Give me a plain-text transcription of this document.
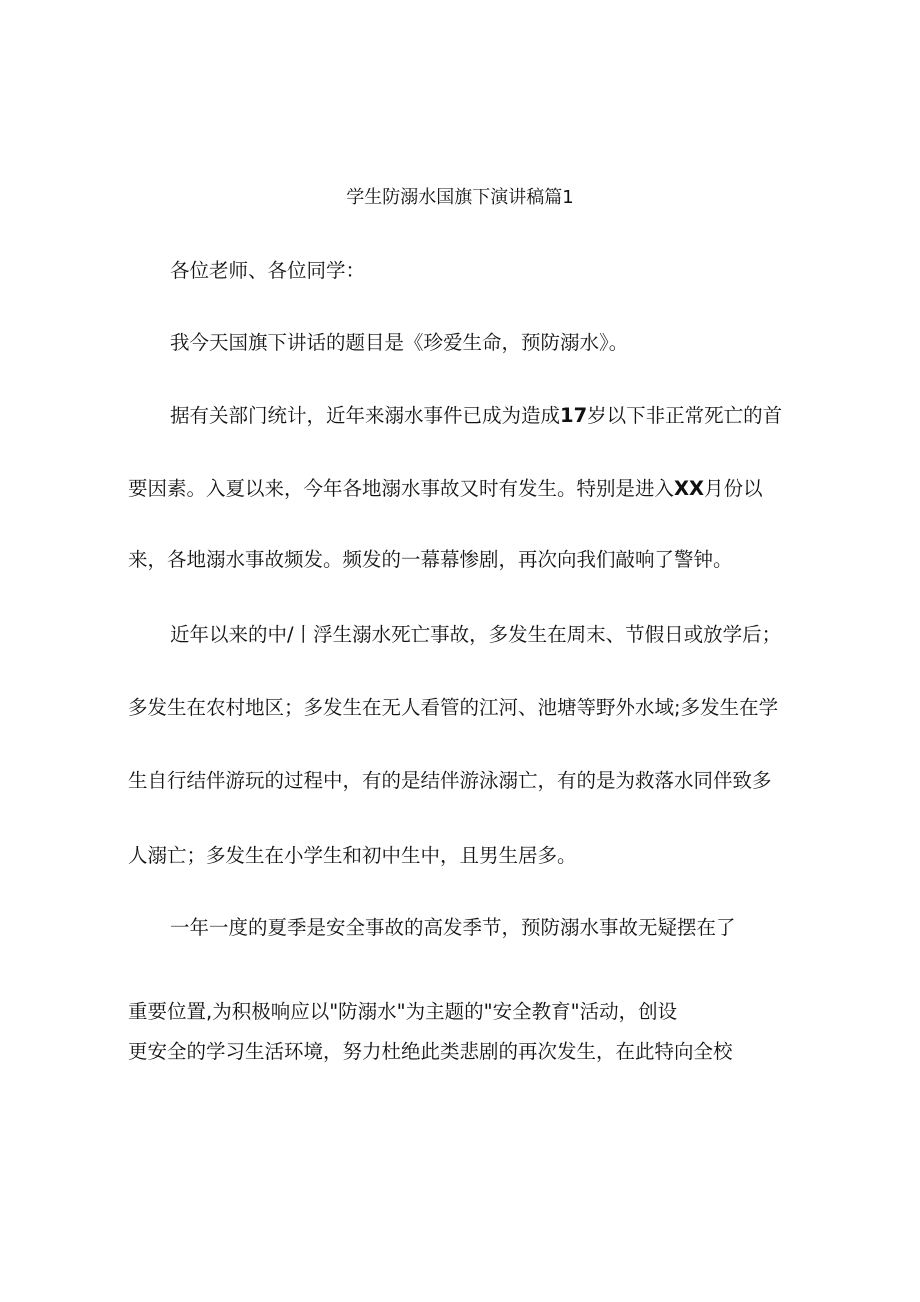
学生防溺水国旗下演讲稿篇1
各位老师、各位同学：
我今天国旗下讲话的题目是《珍爱生命，预防溺水》。
据有关部门统计，近年来溺水事件已成为造成17岁以下非正常死亡的首
要因素。入夏以来，今年各地溺水事故又时有发生。特别是进入XX月份以
来，各地溺水事故频发。频发的一幕幕惨剧，再次向我们敲响了警钟。
近年以来的中/丨浮生溺水死亡事故，多发生在周末、节假日或放学后；
多发生在农村地区；多发生在无人看管的江河、池塘等野外水域;多发生在学
生自行结伴游玩的过程中，有的是结伴游泳溺亡，有的是为救落水同伴致多
人溺亡；多发生在小学生和初中生中，且男生居多。
一年一度的夏季是安全事故的高发季节，预防溺水事故无疑摆在了
重要位置,为积极响应以"防溺水"为主题的"安全教育"活动，创设
更安全的学习生活环境，努力杜绝此类悲剧的再次发生，在此特向全校
